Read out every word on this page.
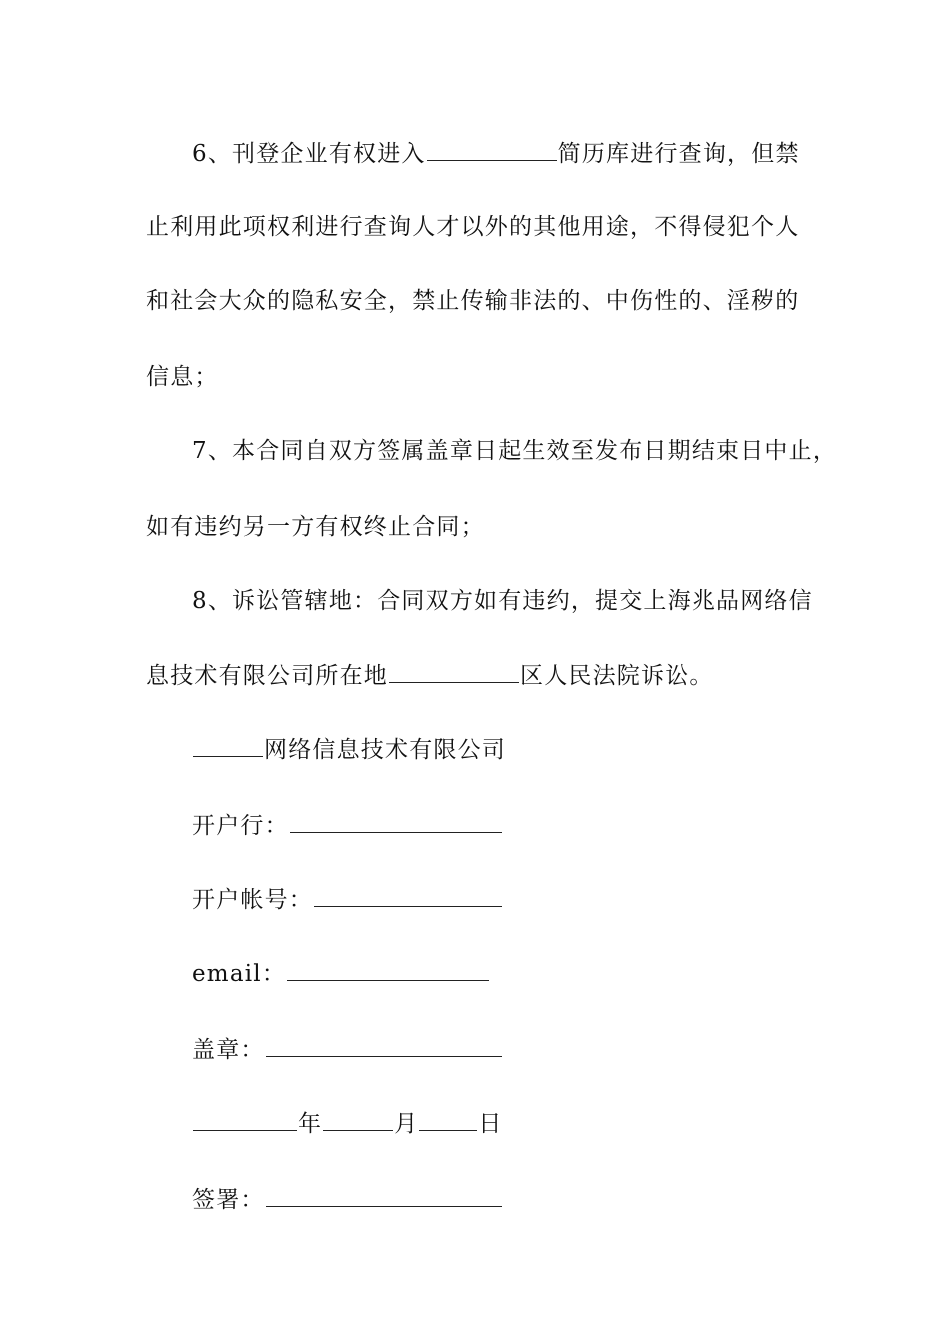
6、刊登企业有权进入	简历库进行查询，但禁
止利用此项权利进行查询人才以外的其他用途，不得侵犯个人
和社会大众的隐私安全，禁止传输非法的、中伤性的、淫秽的
信息；
7、本合同自双方签属盖章日起生效至发布日期结束日中止，
如有违约另一方有权终止合同；
8、诉讼管辖地：合同双方如有违约，提交上海兆品网络信
息技术有限公司所在地	区人民法院诉讼。
网络信息技术有限公司
开户行：
开户帐号：
email：
盖章：
年	月	日
签署：
